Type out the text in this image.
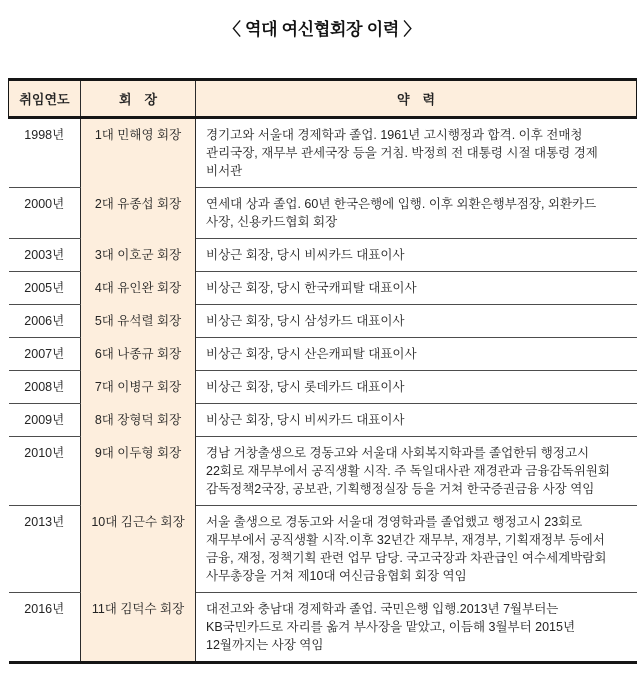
〈 역대 여신협회장 이력 〉
취임연도	회　장	약　력
1998년	1대 민해영 회장	경기고와 서울대 경제학과 졸업. 1961년 고시행정과 합격. 이후 전매청 관리국장, 재무부 관세국장 등을 거침. 박정희 전 대통령 시절 대통령 경제 비서관
2000년	2대 유종섭 회장	연세대 상과 졸업. 60년 한국은행에 입행. 이후 외환은행부점장, 외환카드 사장, 신용카드협회 회장
2003년	3대 이호군 회장	비상근 회장, 당시 비씨카드 대표이사
2005년	4대 유인완 회장	비상근 회장, 당시 한국캐피탈 대표이사
2006년	5대 유석렬 회장	비상근 회장, 당시 삼성카드 대표이사
2007년	6대 나종규 회장	비상근 회장, 당시 산은캐피탈 대표이사
2008년	7대 이병구 회장	비상근 회장, 당시 롯데카드 대표이사
2009년	8대 장형덕 회장	비상근 회장, 당시 비씨카드 대표이사
2010년	9대 이두형 회장	경남 거창출생으로 경동고와 서울대 사회복지학과를 졸업한뒤 행정고시 22회로 재무부에서 공직생활 시작. 주 독일대사관 재경관과 금융감독위원회 감독정책2국장, 공보관, 기획행정실장 등을 거쳐 한국증권금융 사장 역임
2013년	10대 김근수 회장	서울 출생으로 경동고와 서울대 경영학과를 졸업했고 행정고시 23회로 재무부에서 공직생활 시작.이후 32년간 재무부, 재경부, 기획재정부 등에서 금융, 재정, 정책기획 관련 업무 담당. 국고국장과 차관급인 여수세계박람회 사무총장을 거쳐 제10대 여신금융협회 회장 역임
2016년	11대 김덕수 회장	대전고와 충남대 경제학과 졸업. 국민은행 입행.2013년 7월부터는 KB국민카드로 자리를 옮겨 부사장을 맡았고, 이듬해 3월부터 2015년 12월까지는 사장 역임
